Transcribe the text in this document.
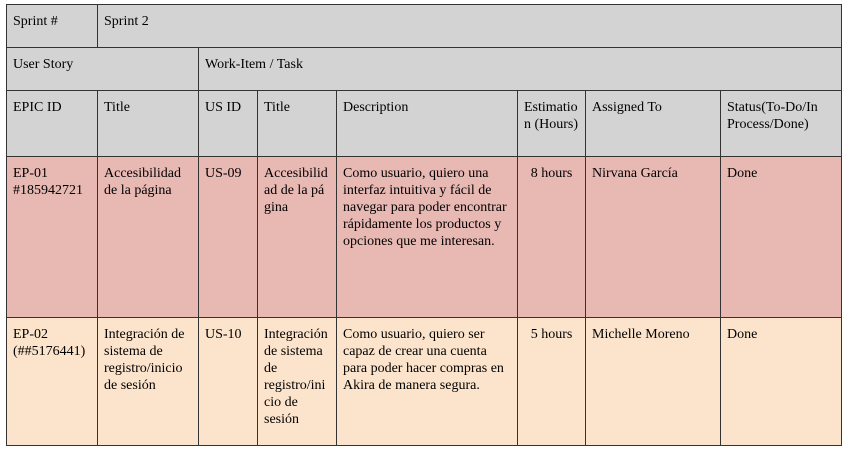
Sprint #	Sprint 2						
User Story		Work-Item / Task					
EPIC ID	Title	US ID	Title	Description	Estimation (Hours)	Assigned To	Status(To-Do/In Process/Done)
EP-01 #185942721	Accesibilidad de la página	US-09	Accesibilidad de la página	Como usuario, quiero una interfaz intuitiva y fácil de navegar para poder encontrar rápidamente los productos y opciones que me interesan.	8 hours	Nirvana García	Done
EP-02 (##5176441)	Integración de sistema de registro/inicio de sesión	US-10	Integración de sistema de registro/inicio de sesión	Como usuario, quiero ser capaz de crear una cuenta para poder hacer compras en Akira de manera segura.	5 hours	Michelle Moreno	Done
